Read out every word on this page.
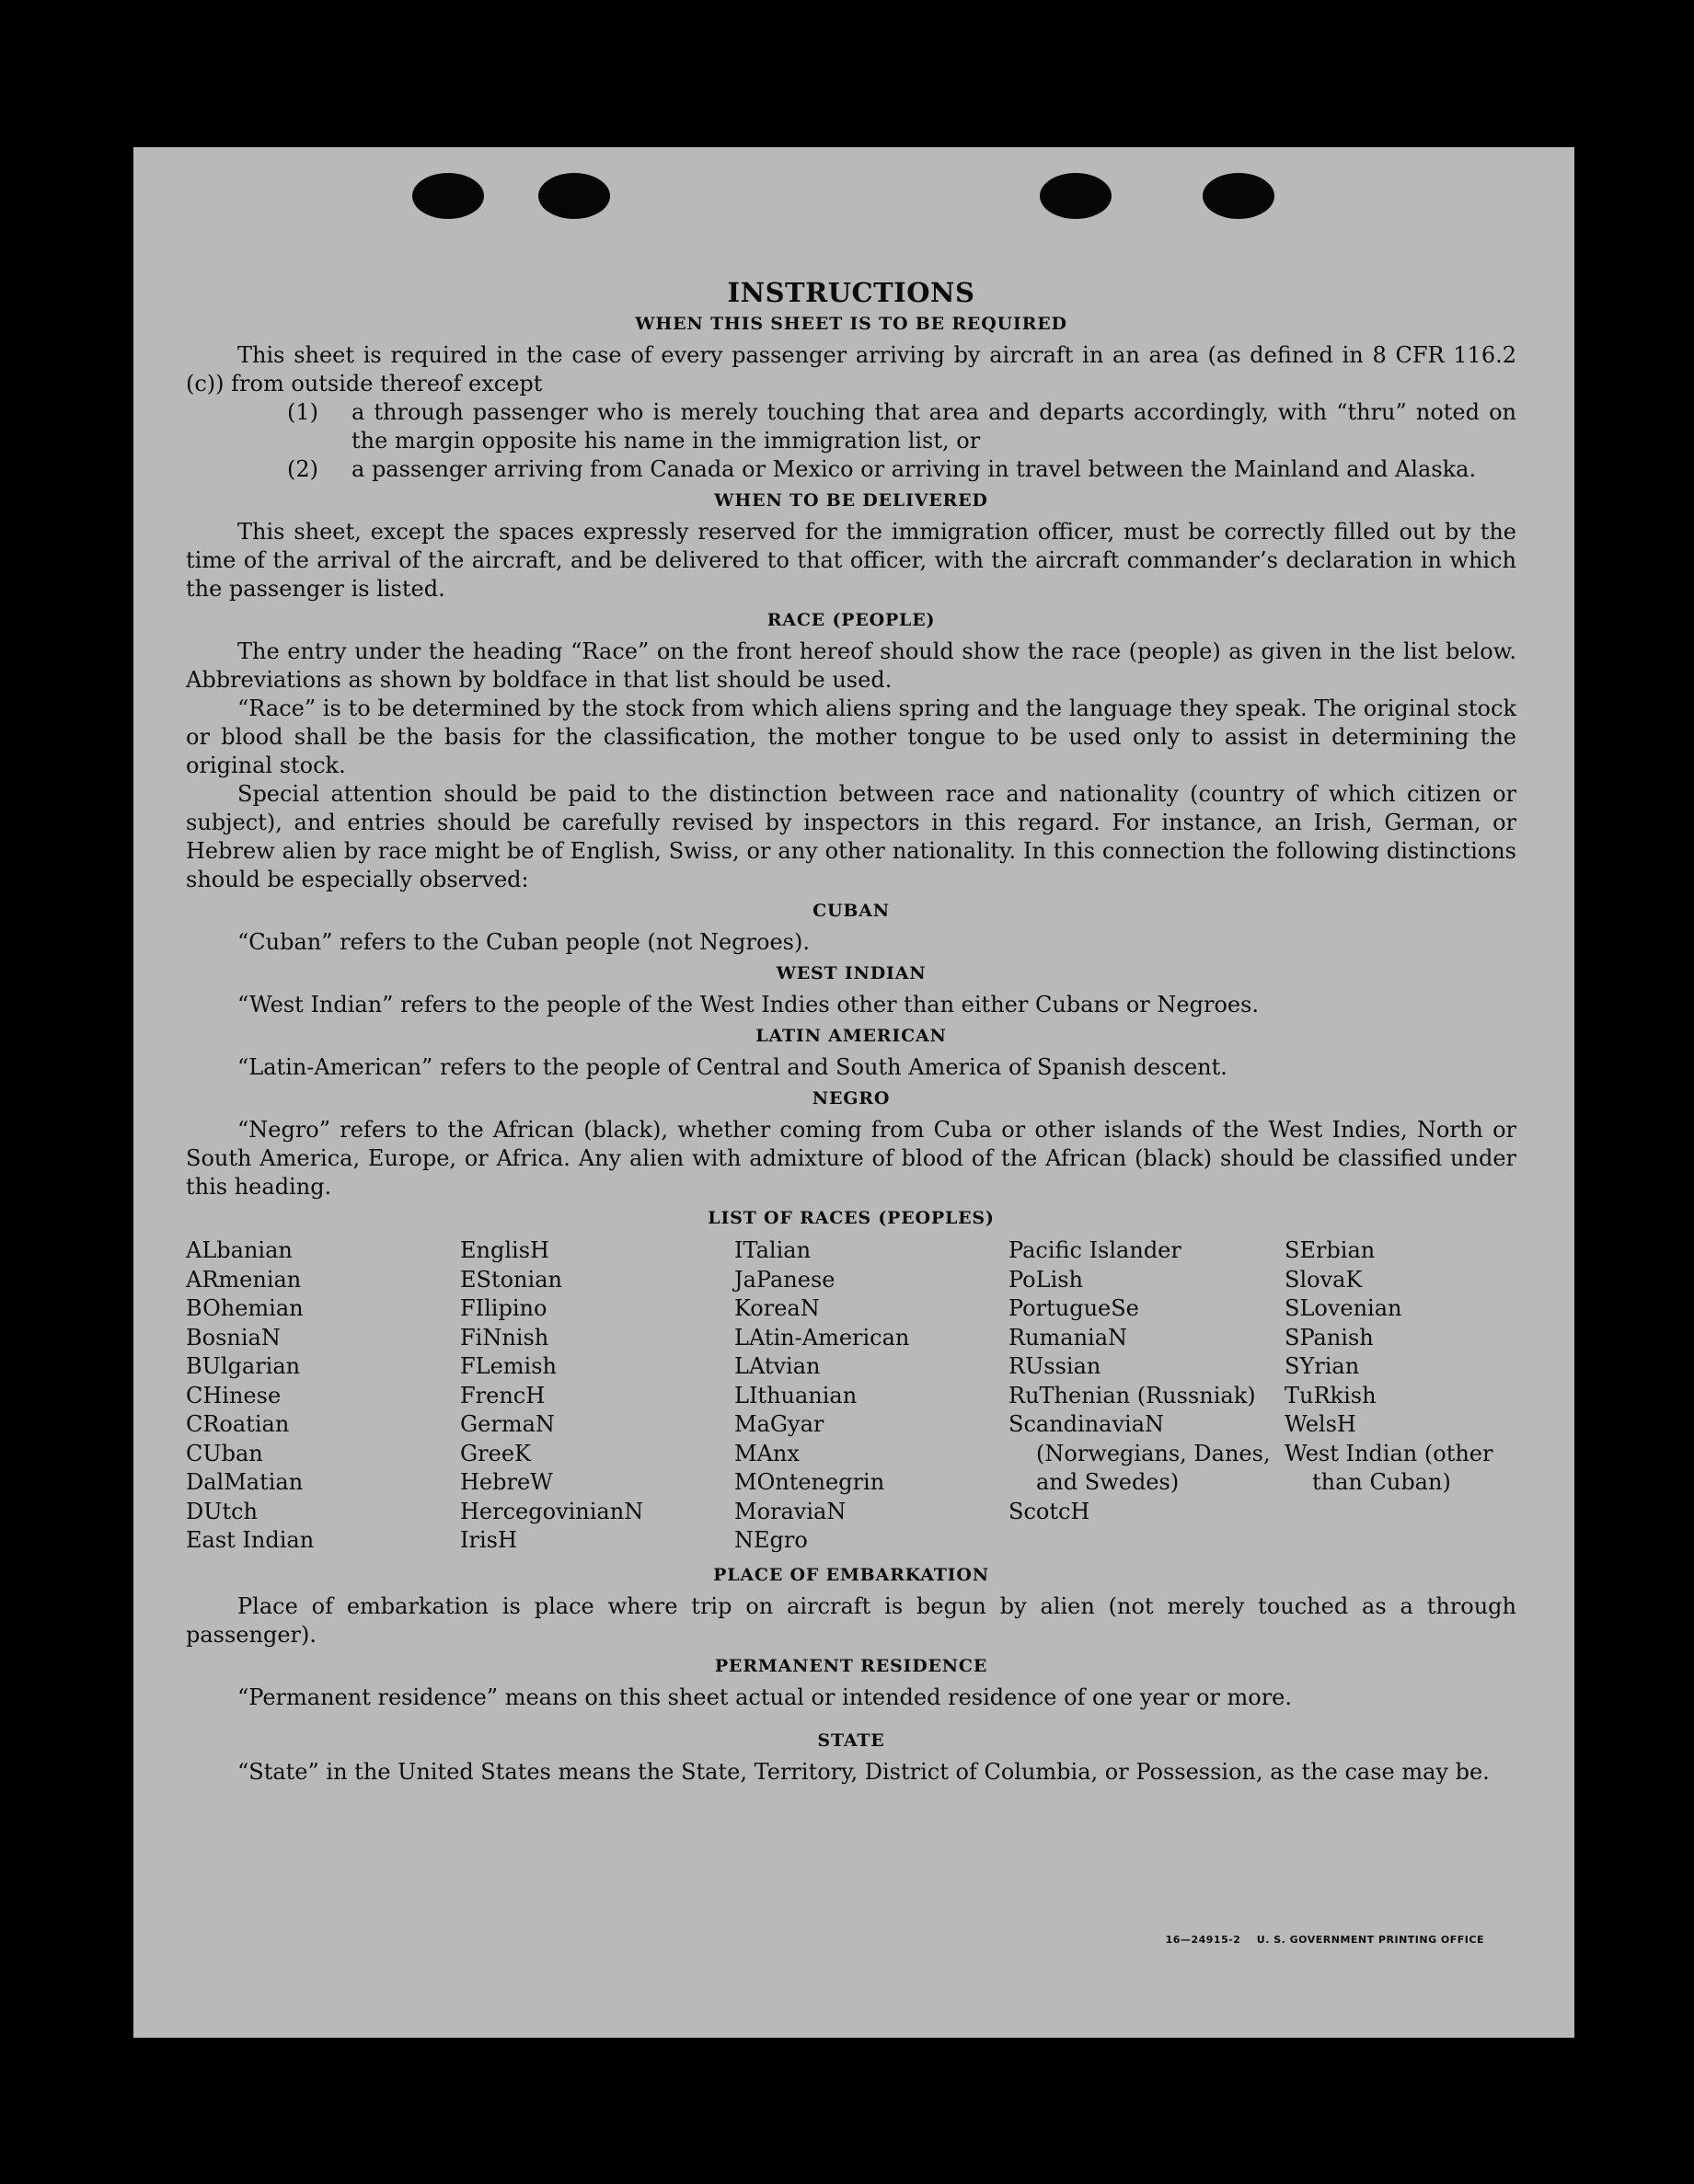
INSTRUCTIONS
WHEN THIS SHEET IS TO BE REQUIRED

This sheet is required in the case of every passenger arriving by aircraft in an area (as defined in 8 CFR 116.2 (c)) from outside thereof except

(1)	a through passenger who is merely touching that area and departs accordingly, with “thru” noted on the margin opposite his name in the immigration list, or
(2)	a passenger arriving from Canada or Mexico or arriving in travel between the Mainland and Alaska.
WHEN TO BE DELIVERED

This sheet, except the spaces expressly reserved for the immigration officer, must be correctly filled out by the time of the arrival of the aircraft, and be delivered to that officer, with the aircraft commander’s declaration in which the passenger is listed.

RACE (PEOPLE)

The entry under the heading “Race” on the front hereof should show the race (people) as given in the list below. Abbreviations as shown by boldface in that list should be used.

“Race” is to be determined by the stock from which aliens spring and the language they speak. The original stock or blood shall be the basis for the classification, the mother tongue to be used only to assist in determining the original stock.

Special attention should be paid to the distinction between race and nationality (country of which citizen or subject), and entries should be carefully revised by inspectors in this regard. For instance, an Irish, German, or Hebrew alien by race might be of English, Swiss, or any other nationality. In this connection the following distinctions should be especially observed:

CUBAN

“Cuban” refers to the Cuban people (not Negroes).

WEST INDIAN

“West Indian” refers to the people of the West Indies other than either Cubans or Negroes.

LATIN AMERICAN

“Latin-American” refers to the people of Central and South America of Spanish descent.

NEGRO

“Negro” refers to the African (black), whether coming from Cuba or other islands of the West Indies, North or South America, Europe, or Africa. Any alien with admixture of blood of the African (black) should be classified under this heading.

LIST OF RACES (PEOPLES)
ALbanian
ARmenian
BOhemian
BosniaN
BUlgarian
CHinese
CRoatian
CUban
DalMatian
DUtch
East Indian
EnglisH
EStonian
FIlipino
FiNnish
FLemish
FrencH
GermaN
GreeK
HebreW
HercegovinianN
IrisH
ITalian
JaPanese
KoreaN
LAtin-American
LAtvian
LIthuanian
MaGyar
MAnx
MOntenegrin
MoraviaN
NEgro
Pacific Islander
PoLish
PortugueSe
RumaniaN
RUssian
RuThenian (Russniak)
ScandinaviaN (Norwegians, Danes, and Swedes)
ScotcH
SErbian
SlovaK
SLovenian
SPanish
SYrian
TuRkish
WelsH
West Indian (other than Cuban)
PLACE OF EMBARKATION

Place of embarkation is place where trip on aircraft is begun by alien (not merely touched as a through passenger).

PERMANENT RESIDENCE

“Permanent residence” means on this sheet actual or intended residence of one year or more.

STATE

“State” in the United States means the State, Territory, District of Columbia, or Possession, as the case may be.

16—24915-2 U. S. GOVERNMENT PRINTING OFFICE
